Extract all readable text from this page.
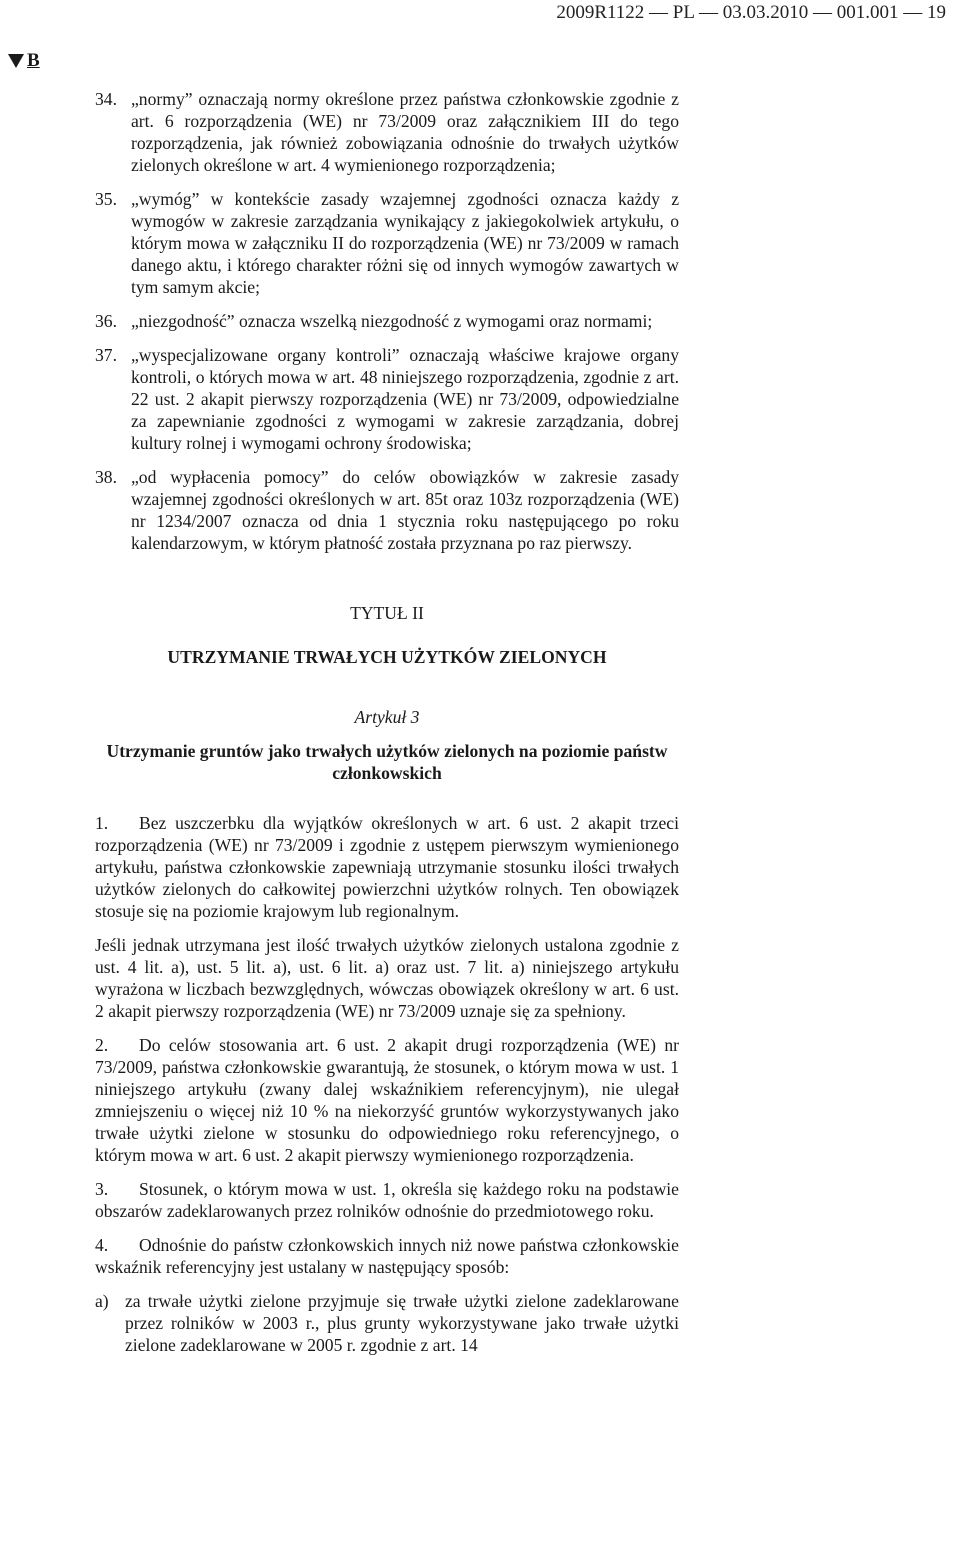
2009R1122 — PL — 03.03.2010 — 001.001 — 19
B
34. „normy” oznaczają normy określone przez państwa członkowskie zgodnie z art. 6 rozporządzenia (WE) nr 73/2009 oraz załącznikiem III do tego rozporządzenia, jak również zobowiązania odnośnie do trwałych użytków zielonych określone w art. 4 wymienionego rozporządzenia;
35. „wymóg” w kontekście zasady wzajemnej zgodności oznacza każdy z wymogów w zakresie zarządzania wynikający z jakiegokolwiek artykułu, o którym mowa w załączniku II do rozporządzenia (WE) nr 73/2009 w ramach danego aktu, i którego charakter różni się od innych wymogów zawartych w tym samym akcie;
36. „niezgodność” oznacza wszelką niezgodność z wymogami oraz normami;
37. „wyspecjalizowane organy kontroli” oznaczają właściwe krajowe organy kontroli, o których mowa w art. 48 niniejszego rozporządzenia, zgodnie z art. 22 ust. 2 akapit pierwszy rozporządzenia (WE) nr 73/2009, odpowiedzialne za zapewnianie zgodności z wymogami w zakresie zarządzania, dobrej kultury rolnej i wymogami ochrony środowiska;
38. „od wypłacenia pomocy” do celów obowiązków w zakresie zasady wzajemnej zgodności określonych w art. 85t oraz 103z rozporządzenia (WE) nr 1234/2007 oznacza od dnia 1 stycznia roku następującego po roku kalendarzowym, w którym płatność została przyznana po raz pierwszy.
TYTUŁ II
UTRZYMANIE TRWAŁYCH UŻYTKÓW ZIELONYCH
Artykuł 3
Utrzymanie gruntów jako trwałych użytków zielonych na poziomie państw członkowskich
1. Bez uszczerbku dla wyjątków określonych w art. 6 ust. 2 akapit trzeci rozporządzenia (WE) nr 73/2009 i zgodnie z ustępem pierwszym wymienionego artykułu, państwa członkowskie zapewniają utrzymanie stosunku ilości trwałych użytków zielonych do całkowitej powierzchni użytków rolnych. Ten obowiązek stosuje się na poziomie krajowym lub regionalnym.
Jeśli jednak utrzymana jest ilość trwałych użytków zielonych ustalona zgodnie z ust. 4 lit. a), ust. 5 lit. a), ust. 6 lit. a) oraz ust. 7 lit. a) niniejszego artykułu wyrażona w liczbach bezwzględnych, wówczas obowiązek określony w art. 6 ust. 2 akapit pierwszy rozporządzenia (WE) nr 73/2009 uznaje się za spełniony.
2. Do celów stosowania art. 6 ust. 2 akapit drugi rozporządzenia (WE) nr 73/2009, państwa członkowskie gwarantują, że stosunek, o którym mowa w ust. 1 niniejszego artykułu (zwany dalej wskaźnikiem referencyjnym), nie ulegał zmniejszeniu o więcej niż 10 % na niekorzyść gruntów wykorzystywanych jako trwałe użytki zielone w stosunku do odpowiedniego roku referencyjnego, o którym mowa w art. 6 ust. 2 akapit pierwszy wymienionego rozporządzenia.
3. Stosunek, o którym mowa w ust. 1, określa się każdego roku na podstawie obszarów zadeklarowanych przez rolników odnośnie do przedmiotowego roku.
4. Odnośnie do państw członkowskich innych niż nowe państwa członkowskie wskaźnik referencyjny jest ustalany w następujący sposób:
a) za trwałe użytki zielone przyjmuje się trwałe użytki zielone zadeklarowane przez rolników w 2003 r., plus grunty wykorzystywane jako trwałe użytki zielone zadeklarowane w 2005 r. zgodnie z art. 14
